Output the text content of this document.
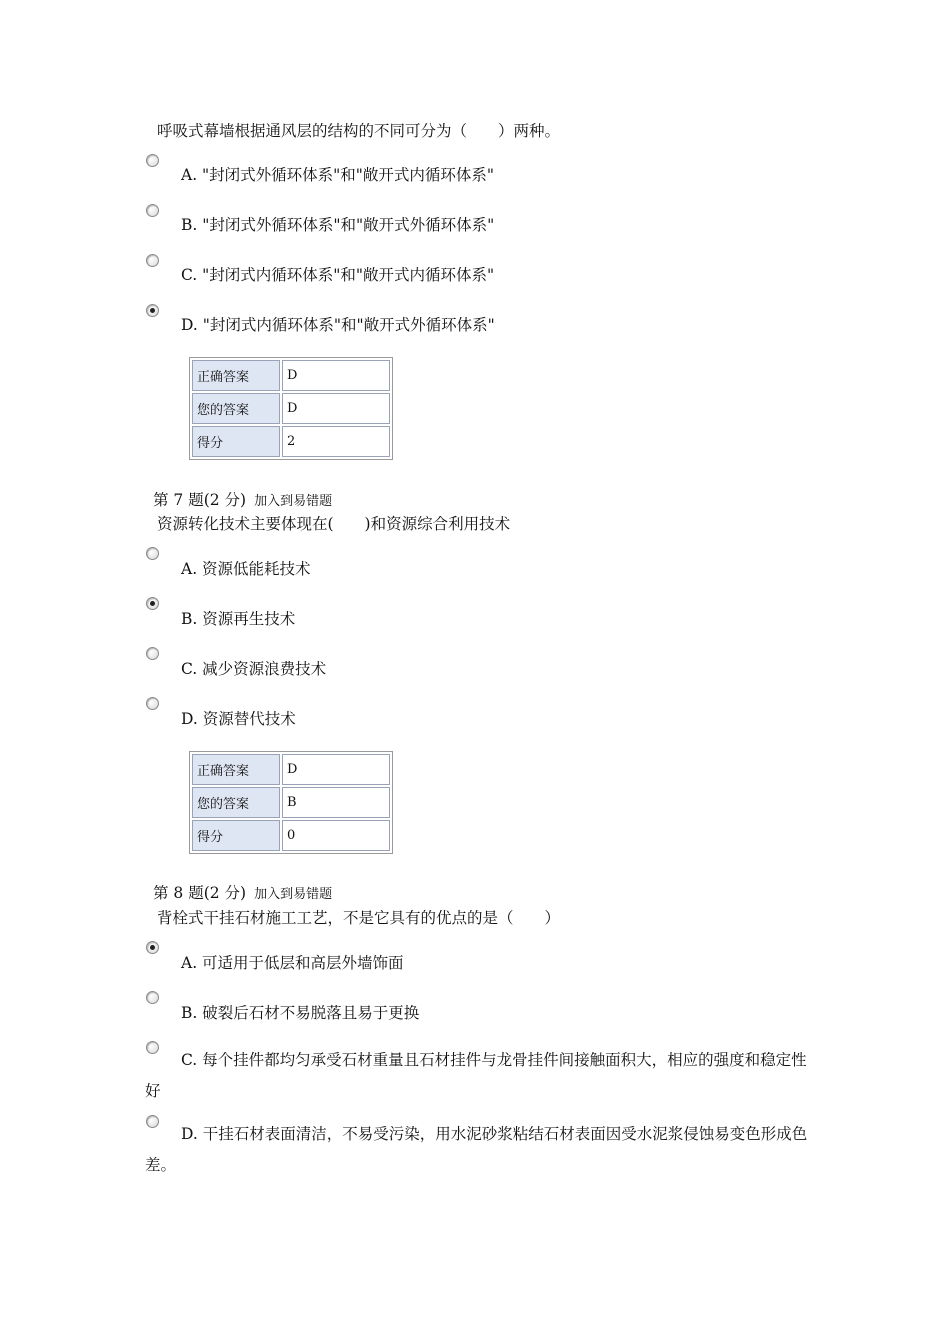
呼吸式幕墙根据通风层的结构的不同可分为（　　）两种。
A. "封闭式外循环体系"和"敞开式内循环体系"
B. "封闭式外循环体系"和"敞开式外循环体系"
C. "封闭式内循环体系"和"敞开式内循环体系"
D. "封闭式内循环体系"和"敞开式外循环体系"
正确答案	D
您的答案	D
得分	2
第 7 题(2 分) 加入到易错题
资源转化技术主要体现在(　　)和资源综合利用技术
A. 资源低能耗技术
B. 资源再生技术
C. 减少资源浪费技术
D. 资源替代技术
正确答案	D
您的答案	B
得分	0
第 8 题(2 分) 加入到易错题
背栓式干挂石材施工工艺，不是它具有的优点的是（　　）
A. 可适用于低层和高层外墙饰面
B. 破裂后石材不易脱落且易于更换
C. 每个挂件都均匀承受石材重量且石材挂件与龙骨挂件间接触面积大，相应的强度和稳定性好
D. 干挂石材表面清洁，不易受污染，用水泥砂浆粘结石材表面因受水泥浆侵蚀易变色形成色差。
